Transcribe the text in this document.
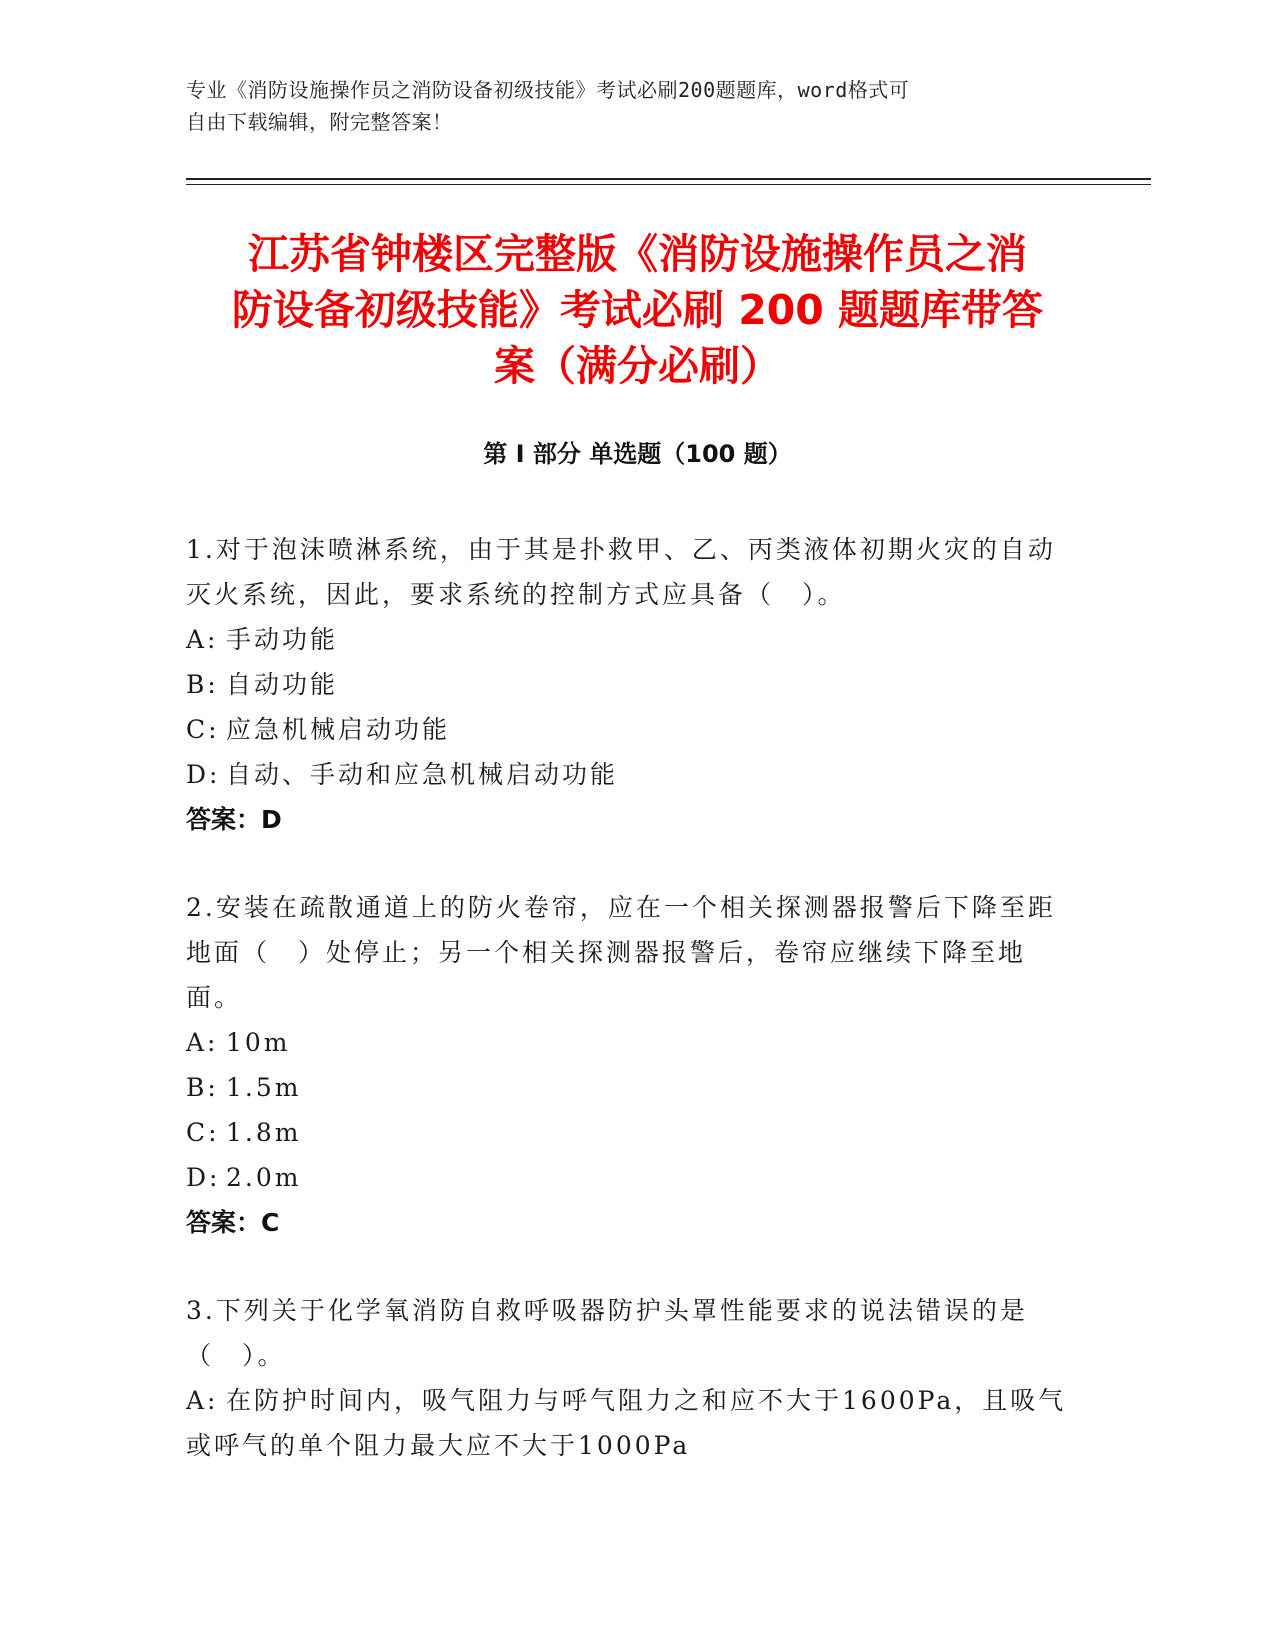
专业《消防设施操作员之消防设备初级技能》考试必刷200题题库，word格式可
自由下载编辑，附完整答案！
江苏省钟楼区完整版《消防设施操作员之消
防设备初级技能》考试必刷 200 题题库带答
案（满分必刷）
第 I 部分 单选题（100 题）
1.对于泡沫喷淋系统，由于其是扑救甲、乙、丙类液体初期火灾的自动灭火系统，因此，要求系统的控制方式应具备（　）。
A: 手动功能
B: 自动功能
C: 应急机械启动功能
D: 自动、手动和应急机械启动功能
答案：D
2.安装在疏散通道上的防火卷帘，应在一个相关探测器报警后下降至距地面（　）处停止；另一个相关探测器报警后，卷帘应继续下降至地面。
A: 10m
B: 1.5m
C: 1.8m
D: 2.0m
答案：C
3.下列关于化学氧消防自救呼吸器防护头罩性能要求的说法错误的是（　）。
A: 在防护时间内，吸气阻力与呼气阻力之和应不大于1600Pa，且吸气或呼气的单个阻力最大应不大于1000Pa
